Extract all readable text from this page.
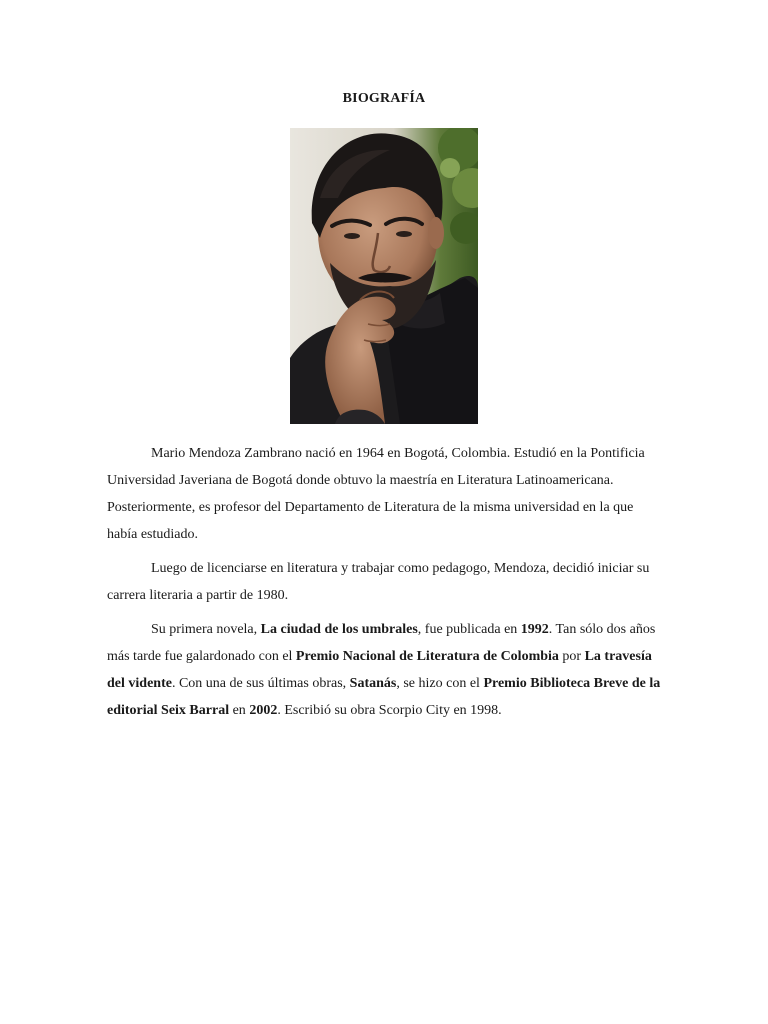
BIOGRAFÍA

Mario Mendoza Zambrano nació en 1964 en Bogotá, Colombia. Estudió en la Pontificia Universidad Javeriana de Bogotá donde obtuvo la maestría en Literatura Latinoamericana. Posteriormente, es profesor del Departamento de Literatura de la misma universidad en la que había estudiado.

Luego de licenciarse en literatura y trabajar como pedagogo, Mendoza, decidió iniciar su carrera literaria a partir de 1980.

Su primera novela, La ciudad de los umbrales, fue publicada en 1992. Tan sólo dos años más tarde fue galardonado con el Premio Nacional de Literatura de Colombia por La travesía del vidente. Con una de sus últimas obras, Satanás, se hizo con el Premio Biblioteca Breve de la editorial Seix Barral en 2002. Escribió su obra Scorpio City en 1998.
